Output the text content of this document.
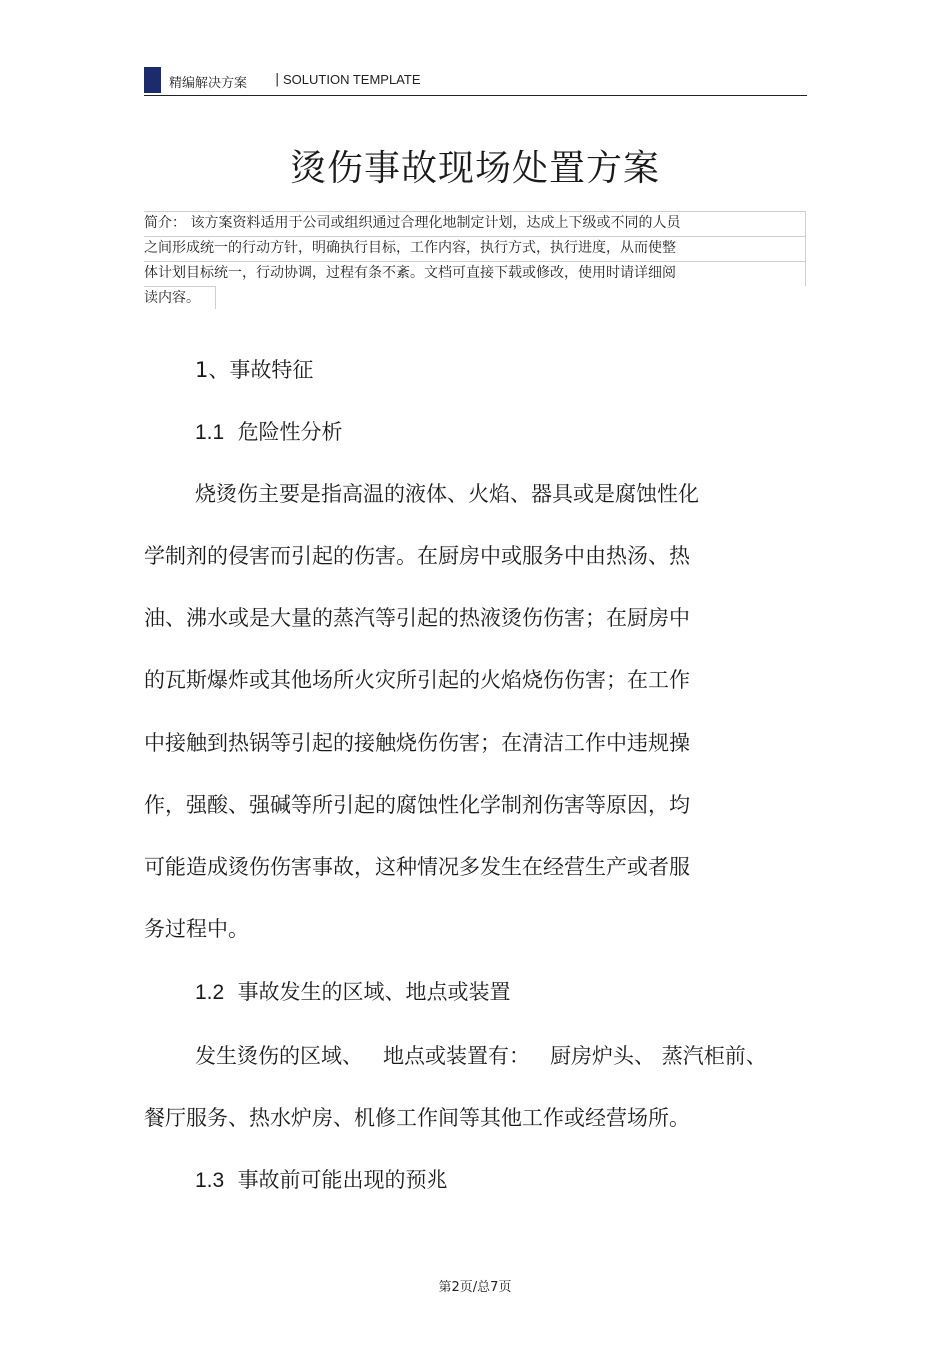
精编解决方案 | SOLUTION TEMPLATE
烫伤事故现场处置方案
简介： 该方案资料适用于公司或组织通过合理化地制定计划，达成上下级或不同的人员
之间形成统一的行动方针，明确执行目标，工作内容，执行方式，执行进度，从而使整
体计划目标统一，行动协调，过程有条不紊。文档可直接下载或修改，使用时请详细阅
读内容。
1、事故特征
1.1 危险性分析
烧烫伤主要是指高温的液体、火焰、器具或是腐蚀性化
学制剂的侵害而引起的伤害。在厨房中或服务中由热汤、热
油、沸水或是大量的蒸汽等引起的热液烫伤伤害；在厨房中
的瓦斯爆炸或其他场所火灾所引起的火焰烧伤伤害；在工作
中接触到热锅等引起的接触烧伤伤害；在清洁工作中违规操
作，强酸、强碱等所引起的腐蚀性化学制剂伤害等原因，均
可能造成烫伤伤害事故，这种情况多发生在经营生产或者服
务过程中。
1.2 事故发生的区域、地点或装置
发生烫伤的区域、   地点或装置有：   厨房炉头、 蒸汽柜前、
餐厅服务、热水炉房、机修工作间等其他工作或经营场所。
1.3 事故前可能出现的预兆
第2页/总7页
